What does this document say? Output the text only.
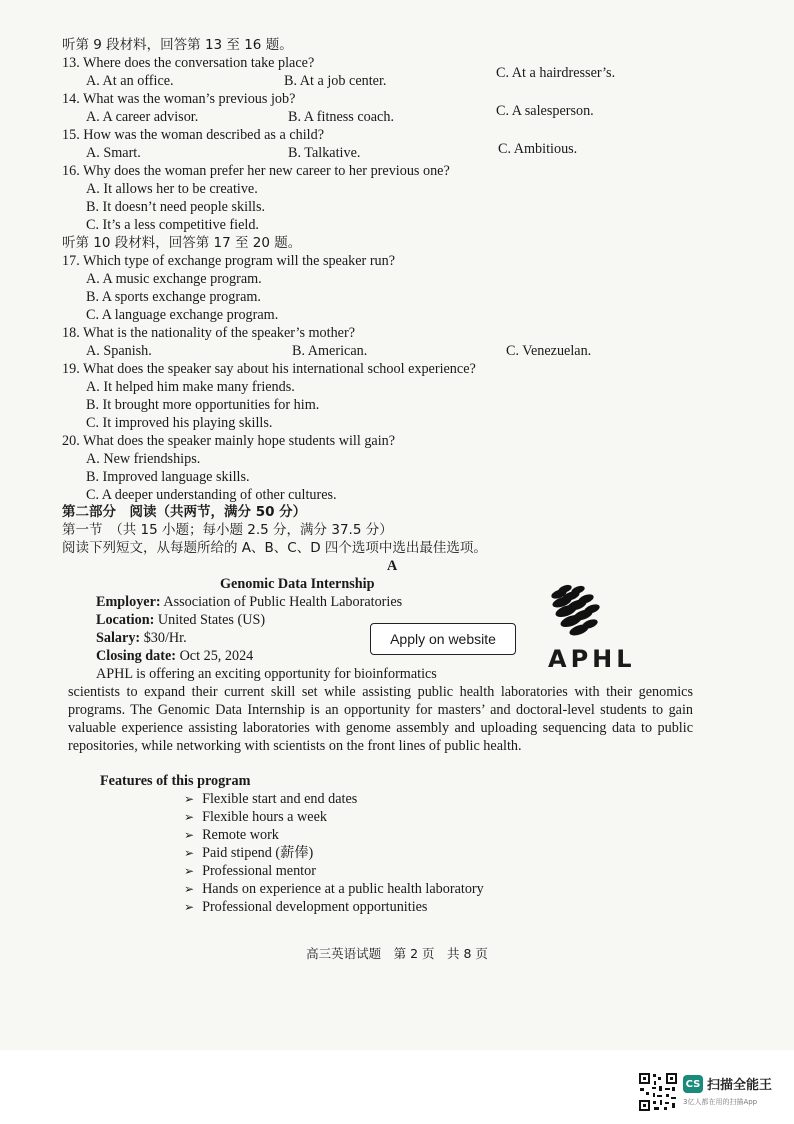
听第 9 段材料，回答第 13 至 16 题。
13. Where does the conversation take place?
A. At an office.	B. At a job center.	C. At a hairdresser’s.
14. What was the woman’s previous job?
A. A career advisor.	B. A fitness coach.	C. A salesperson.
15. How was the woman described as a child?
A. Smart.	B. Talkative.	C. Ambitious.
16. Why does the woman prefer her new career to her previous one?
A. It allows her to be creative.
B. It doesn’t need people skills.
C. It’s a less competitive field.
听第 10 段材料，回答第 17 至 20 题。
17. Which type of exchange program will the speaker run?
A. A music exchange program.
B. A sports exchange program.
C. A language exchange program.
18. What is the nationality of the speaker’s mother?
A. Spanish.	B. American.	C. Venezuelan.
19. What does the speaker say about his international school experience?
A. It helped him make many friends.
B. It brought more opportunities for him.
C. It improved his playing skills.
20. What does the speaker mainly hope students will gain?
A. New friendships.
B. Improved language skills.
C. A deeper understanding of other cultures.
第二部分　阅读（共两节，满分 50 分）
第一节　（共 15 小题；每小题 2.5 分，满分 37.5 分）
阅读下列短文，从每题所给的 A、B、C、D 四个选项中选出最佳选项。
A
Genomic Data Internship
Employer: Association of Public Health Laboratories
Location: United States (US)
Salary: $30/Hr.
Closing date: Oct 25, 2024
Apply on website
APHL
APHL is offering an exciting opportunity for bioinformatics
scientists to expand their current skill set while assisting public health laboratories with their genomics programs. The Genomic Data Internship is an opportunity for masters’ and doctoral-level students to gain valuable experience assisting laboratories with genome assembly and uploading sequencing data to public repositories, while networking with scientists on the front lines of public health.
Features of this program
➢ Flexible start and end dates
➢ Flexible hours a week
➢ Remote work
➢ Paid stipend (薪俸)
➢ Professional mentor
➢ Hands on experience at a public health laboratory
➢ Professional development opportunities
高三英语试题　第 2 页　共 8 页
CS 扫描全能王
3亿人都在用的扫描App
